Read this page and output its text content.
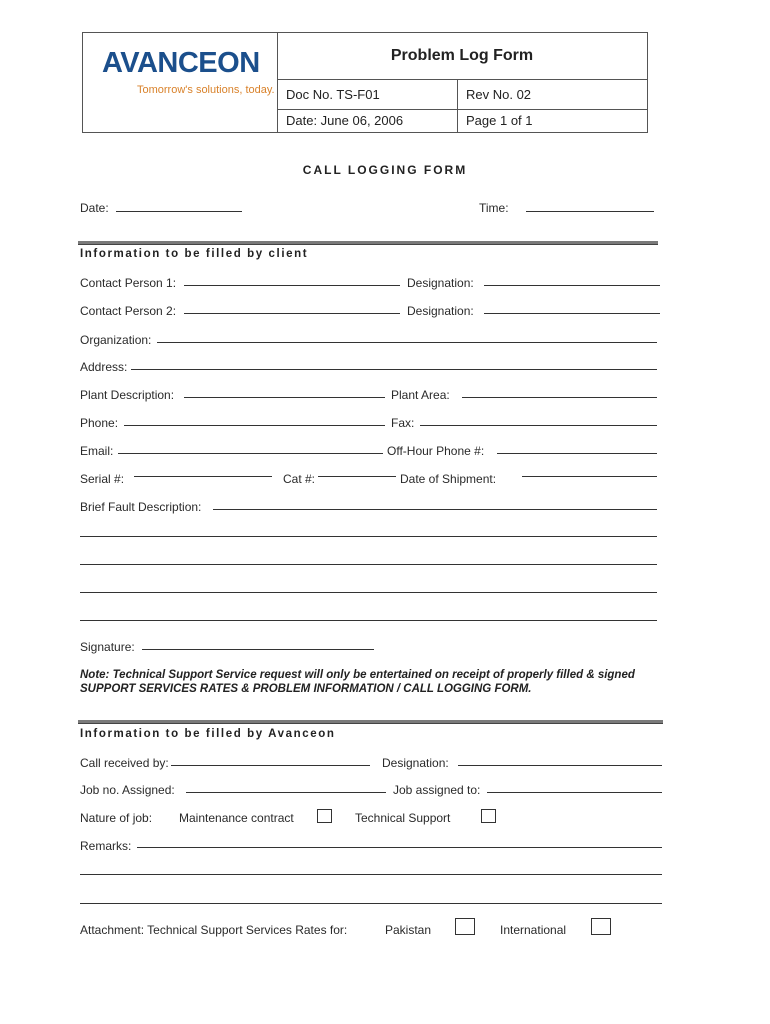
AVANCEON
Tomorrow's solutions, today.
Problem Log Form
Doc No. TS-F01	Rev No. 02
Date: June 06, 2006	Page 1 of 1
CALL LOGGING FORM
Date:	Time:
Information to be filled by client
Contact Person 1:	Designation:
Contact Person 2:	Designation:
Organization:
Address:
Plant Description:	Plant Area:
Phone:	Fax:
Email:	Off-Hour Phone #:
Serial #:	Cat #:	Date of Shipment:
Brief Fault Description:
Signature:
Note: Technical Support Service request will only be entertained on receipt of properly filled & signed SUPPORT SERVICES RATES & PROBLEM INFORMATION / CALL LOGGING FORM.
Information to be filled by Avanceon
Call received by:	Designation:
Job no. Assigned:	Job assigned to:
Nature of job: Maintenance contract	Technical Support
Remarks:
Attachment: Technical Support Services Rates for:	Pakistan	International
